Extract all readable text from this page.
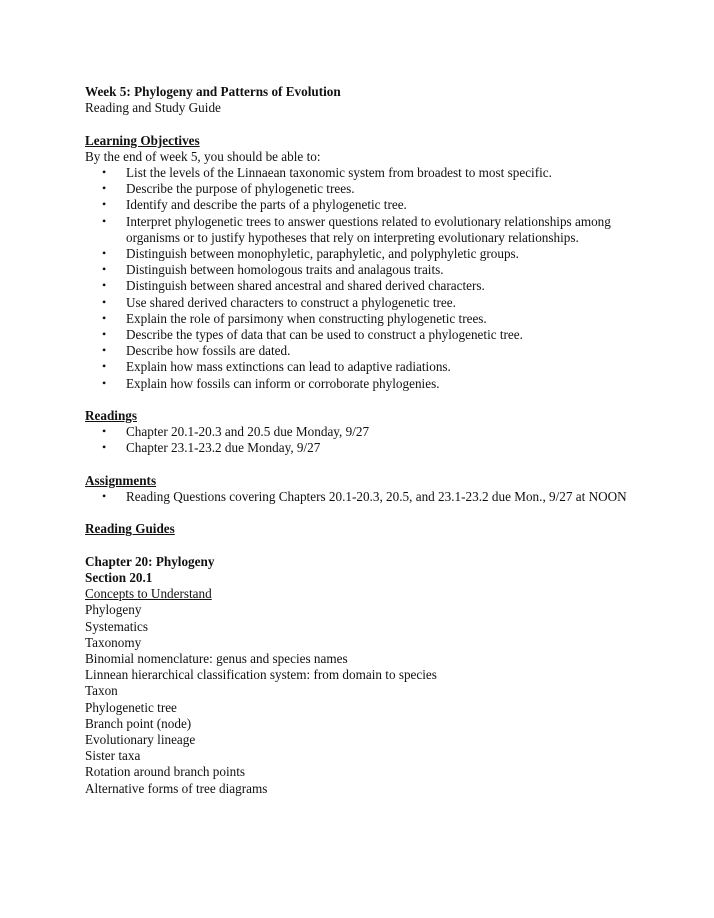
Week 5: Phylogeny and Patterns of Evolution
Reading and Study Guide
Learning Objectives
By the end of week 5, you should be able to:
• List the levels of the Linnaean taxonomic system from broadest to most specific.
• Describe the purpose of phylogenetic trees.
• Identify and describe the parts of a phylogenetic tree.
• Interpret phylogenetic trees to answer questions related to evolutionary relationships among organisms or to justify hypotheses that rely on interpreting evolutionary relationships.
• Distinguish between monophyletic, paraphyletic, and polyphyletic groups.
• Distinguish between homologous traits and analagous traits.
• Distinguish between shared ancestral and shared derived characters.
• Use shared derived characters to construct a phylogenetic tree.
• Explain the role of parsimony when constructing phylogenetic trees.
• Describe the types of data that can be used to construct a phylogenetic tree.
• Describe how fossils are dated.
• Explain how mass extinctions can lead to adaptive radiations.
• Explain how fossils can inform or corroborate phylogenies.
Readings
• Chapter 20.1-20.3 and 20.5 due Monday, 9/27
• Chapter 23.1-23.2 due Monday, 9/27
Assignments
• Reading Questions covering Chapters 20.1-20.3, 20.5, and 23.1-23.2 due Mon., 9/27 at NOON
Reading Guides
Chapter 20: Phylogeny
Section 20.1
Concepts to Understand
Phylogeny
Systematics
Taxonomy
Binomial nomenclature: genus and species names
Linnean hierarchical classification system: from domain to species
Taxon
Phylogenetic tree
Branch point (node)
Evolutionary lineage
Sister taxa
Rotation around branch points
Alternative forms of tree diagrams
